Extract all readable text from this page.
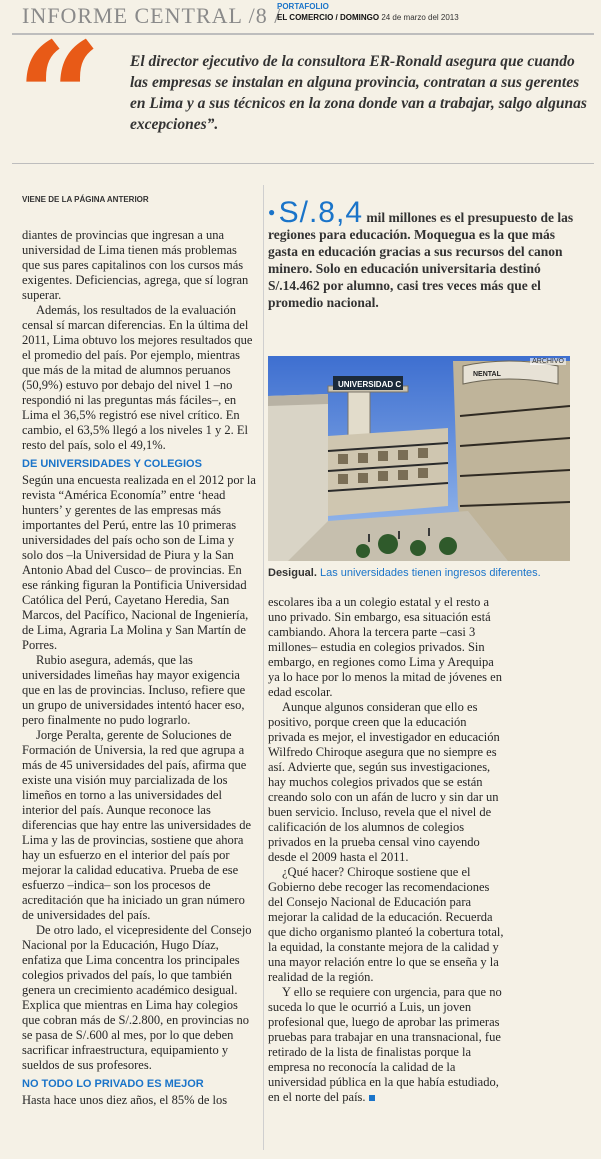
INFORME CENTRAL /8 /
PORTAFOLIO
EL COMERCIO / DOMINGO 24 de marzo del 2013
“ El director ejecutivo de la consultora ER-Ronald asegura que cuando las empresas se instalan en alguna provincia, contratan a sus gerentes en Lima y a sus técnicos en la zona donde van a trabajar, salgo algunas excepciones”.

VIENE DE LA PÁGINA ANTERIOR

diantes de provincias que ingresan a una universidad de Lima tienen más problemas que sus pares capitalinos con los cursos más exigentes. Deficiencias, agrega, que sí logran superar.

Además, los resultados de la evaluación censal sí marcan diferencias. En la última del 2011, Lima obtuvo los mejores resultados que el promedio del país. Por ejemplo, mientras que más de la mitad de alumnos peruanos (50,9%) estuvo por debajo del nivel 1 –no respondió ni las preguntas más fáciles–, en Lima el 36,5% registró ese nivel crítico. En cambio, el 63,5% llegó a los niveles 1 y 2. El resto del país, solo el 49,1%.

DE UNIVERSIDADES Y COLEGIOS

Según una encuesta realizada en el 2012 por la revista “América Economía” entre ‘head hunters’ y gerentes de las empresas más importantes del Perú, entre las 10 primeras universidades del país ocho son de Lima y solo dos –la Universidad de Piura y la San Antonio Abad del Cusco– de provincias. En ese ránking figuran la Pontificia Universidad Católica del Perú, Cayetano Heredia, San Marcos, del Pacífico, Nacional de Ingeniería, de Lima, Agraria La Molina y San Martín de Porres.

Rubio asegura, además, que las universidades limeñas hay mayor exigencia que en las de provincias. Incluso, refiere que un grupo de universidades intentó hacer eso, pero finalmente no pudo lograrlo.

Jorge Peralta, gerente de Soluciones de Formación de Universia, la red que agrupa a más de 45 universidades del país, afirma que existe una visión muy parcializada de los limeños en torno a las universidades del interior del país. Aunque reconoce las diferencias que hay entre las universidades de Lima y las de provincias, sostiene que ahora hay un esfuerzo en el interior del país por mejorar la calidad educativa. Prueba de ese esfuerzo –indica– son los procesos de acreditación que ha iniciado un gran número de universidades del país.

De otro lado, el vicepresidente del Consejo Nacional por la Educación, Hugo Díaz, enfatiza que Lima concentra los principales colegios privados del país, lo que también genera un crecimiento académico desigual. Explica que mientras en Lima hay colegios que cobran más de S/.2.800, en provincias no se pasa de S/.600 al mes, por lo que deben sacrificar infraestructura, equipamiento y sueldos de sus profesores.

NO TODO LO PRIVADO ES MEJOR

Hasta hace unos diez años, el 85% de los

● S/.8,4 mil millones es el presupuesto de las regiones para educación. Moquegua es la que más gasta en educación gracias a sus recursos del canon minero. Solo en educación universitaria destinó S/.14.462 por alumno, casi tres veces más que el promedio nacional.
UNIVERSIDAD C
NENTAL
ARCHIVO
Desigual. Las universidades tienen ingresos diferentes.

escolares iba a un colegio estatal y el resto a uno privado. Sin embargo, esa situación está cambiando. Ahora la tercera parte –casi 3 millones– estudia en colegios privados. Sin embargo, en regiones como Lima y Arequipa ya lo hace por lo menos la mitad de jóvenes en edad escolar.

Aunque algunos consideran que ello es positivo, porque creen que la educación privada es mejor, el investigador en educación Wilfredo Chiroque asegura que no siempre es así. Advierte que, según sus investigaciones, hay muchos colegios privados que se están creando solo con un afán de lucro y sin dar un buen servicio. Incluso, revela que el nivel de calificación de los alumnos de colegios privados en la prueba censal vino cayendo desde el 2009 hasta el 2011.

¿Qué hacer? Chiroque sostiene que el Gobierno debe recoger las recomendaciones del Consejo Nacional de Educación para mejorar la calidad de la educación. Recuerda que dicho organismo planteó la cobertura total, la equidad, la constante mejora de la calidad y una mayor relación entre lo que se enseña y la realidad de la región.

Y ello se requiere con urgencia, para que no suceda lo que le ocurrió a Luis, un joven profesional que, luego de aprobar las primeras pruebas para trabajar en una transnacional, fue retirado de la lista de finalistas porque la empresa no reconocía la calidad de la universidad pública en la que había estudiado, en el norte del país.
